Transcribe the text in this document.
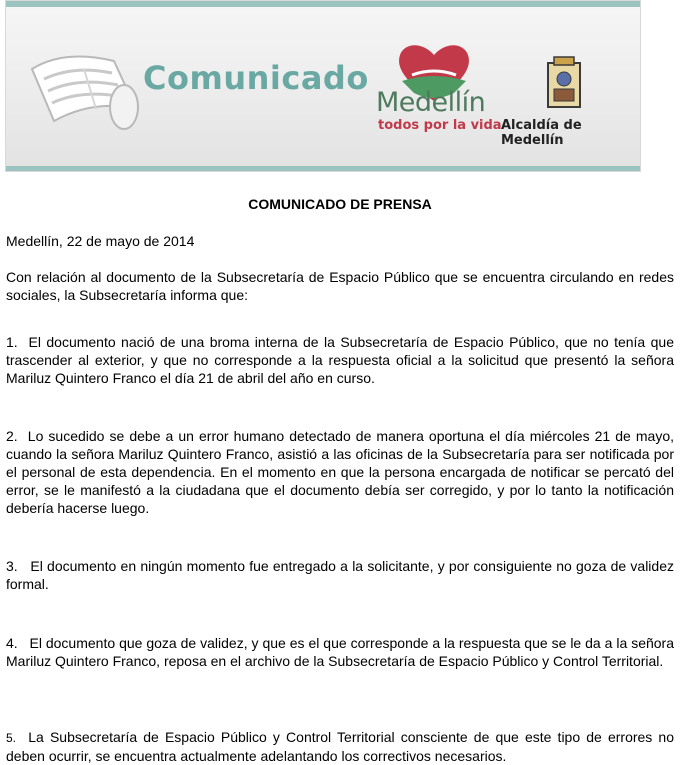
Comunicado
Medellín
todos por la vida Alcaldía de Medellín
COMUNICADO DE PRENSA

Medellín, 22 de mayo de 2014

Con relación al documento de la Subsecretaría de Espacio Público que se encuentra circulando en redes sociales, la Subsecretaría informa que:

1. El documento nació de una broma interna de la Subsecretaría de Espacio Público, que no tenía que trascender al exterior, y que no corresponde a la respuesta oficial a la solicitud que presentó la señora Mariluz Quintero Franco el día 21 de abril del año en curso.

2. Lo sucedido se debe a un error humano detectado de manera oportuna el día miércoles 21 de mayo, cuando la señora Mariluz Quintero Franco, asistió a las oficinas de la Subsecretaría para ser notificada por el personal de esta dependencia. En el momento en que la persona encargada de notificar se percató del error, se le manifestó a la ciudadana que el documento debía ser corregido, y por lo tanto la notificación debería hacerse luego.

3. El documento en ningún momento fue entregado a la solicitante, y por consiguiente no goza de validez formal.

4. El documento que goza de validez, y que es el que corresponde a la respuesta que se le da a la señora Mariluz Quintero Franco, reposa en el archivo de la Subsecretaría de Espacio Público y Control Territorial.

5. La Subsecretaría de Espacio Público y Control Territorial consciente de que este tipo de errores no deben ocurrir, se encuentra actualmente adelantando los correctivos necesarios.
